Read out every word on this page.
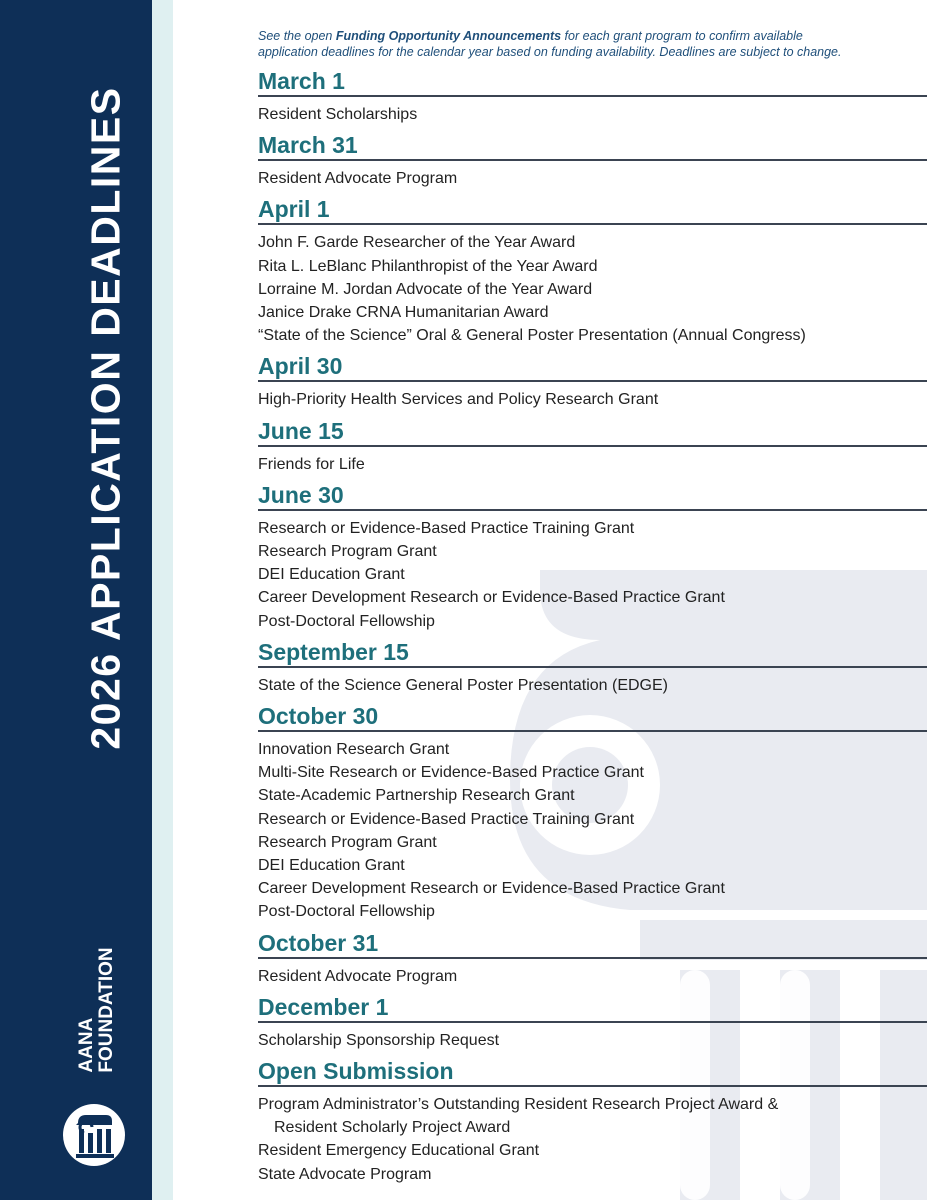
2026 APPLICATION DEADLINES
AANA FOUNDATION

See the open Funding Opportunity Announcements for each grant program to confirm available
application deadlines for the calendar year based on funding availability. Deadlines are subject to change.

March 1
Resident Scholarships
March 31
Resident Advocate Program
April 1
John F. Garde Researcher of the Year Award
Rita L. LeBlanc Philanthropist of the Year Award
Lorraine M. Jordan Advocate of the Year Award
Janice Drake CRNA Humanitarian Award
“State of the Science” Oral & General Poster Presentation (Annual Congress)
April 30
High-Priority Health Services and Policy Research Grant
June 15
Friends for Life
June 30
Research or Evidence-Based Practice Training Grant
Research Program Grant
DEI Education Grant
Career Development Research or Evidence-Based Practice Grant
Post-Doctoral Fellowship
September 15
State of the Science General Poster Presentation (EDGE)
October 30
Innovation Research Grant
Multi-Site Research or Evidence-Based Practice Grant
State-Academic Partnership Research Grant
Research or Evidence-Based Practice Training Grant
Research Program Grant
DEI Education Grant
Career Development Research or Evidence-Based Practice Grant
Post-Doctoral Fellowship
October 31
Resident Advocate Program
December 1
Scholarship Sponsorship Request
Open Submission
Program Administrator’s Outstanding Resident Research Project Award &
Resident Scholarly Project Award
Resident Emergency Educational Grant
State Advocate Program
